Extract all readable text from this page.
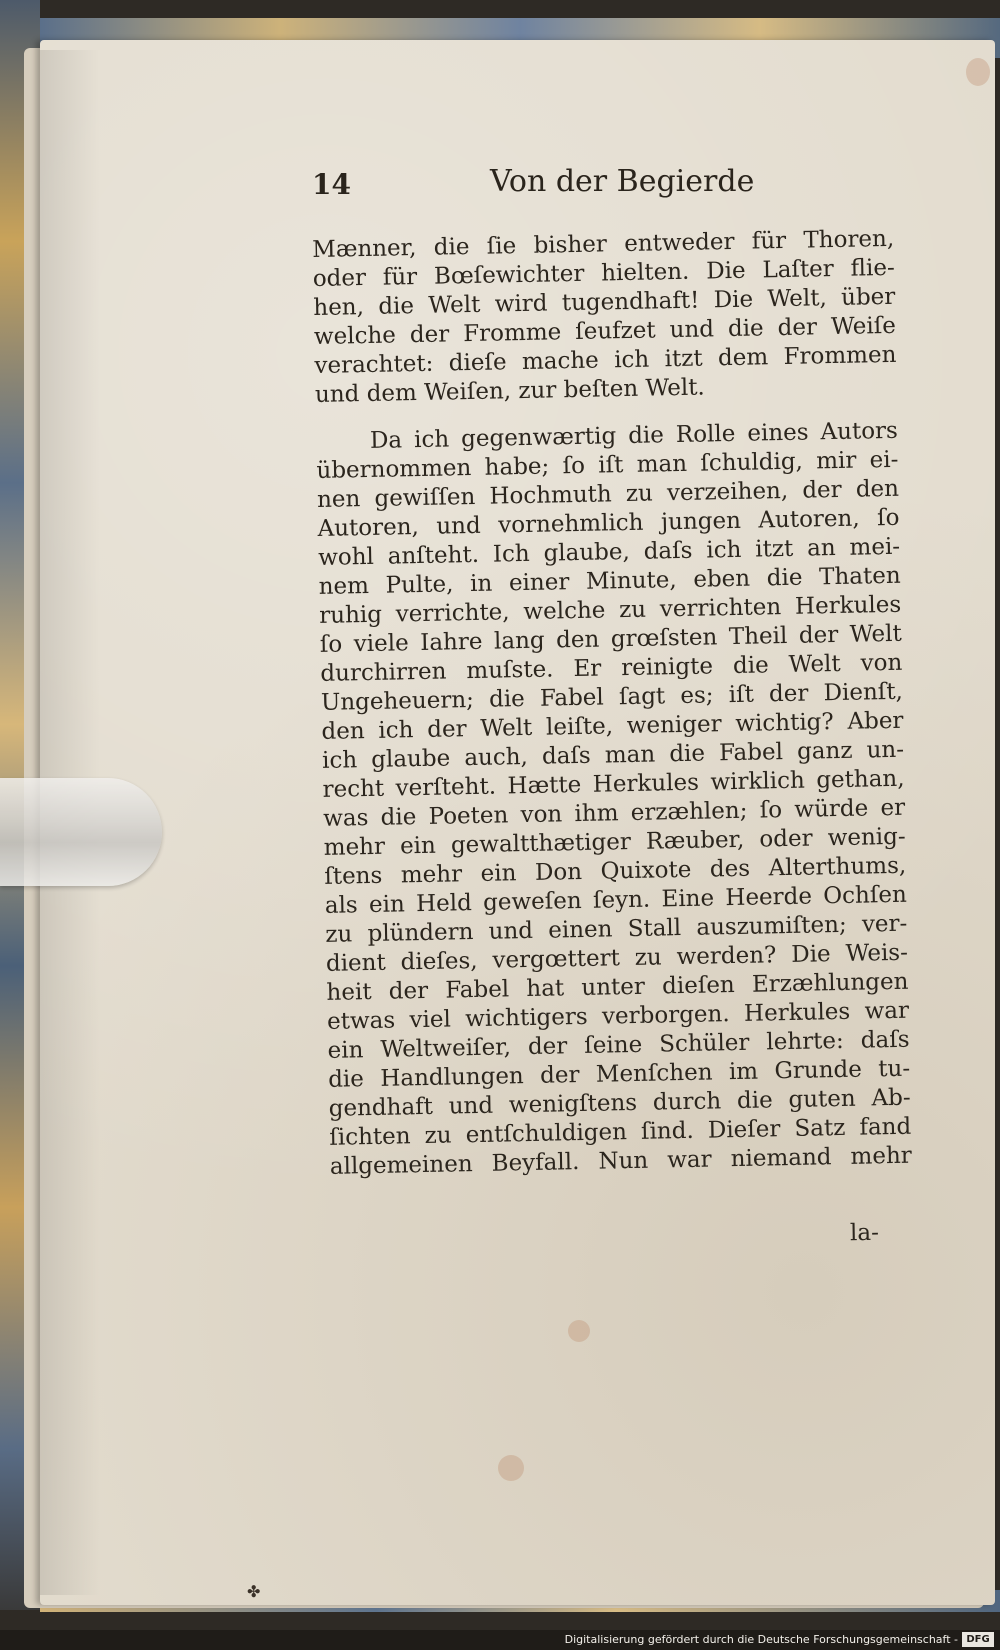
14	Von der Begierde
Mænner, die ſie bisher entweder für Thoren,
oder für Bœſewichter hielten. Die Laſter flie-
hen, die Welt wird tugendhaft! Die Welt, über
welche der Fromme ſeufzet und die der Weiſe
verachtet: dieſe mache ich itzt dem Frommen
und dem Weiſen, zur beſten Welt.
Da ich gegenwærtig die Rolle eines Autors
übernommen habe; ſo iſt man ſchuldig, mir ei-
nen gewiſſen Hochmuth zu verzeihen, der den
Autoren, und vornehmlich jungen Autoren, ſo
wohl anſteht. Ich glaube, daſs ich itzt an mei-
nem Pulte, in einer Minute, eben die Thaten
ruhig verrichte, welche zu verrichten Herkules
ſo viele Iahre lang den grœſsten Theil der Welt
durchirren muſste. Er reinigte die Welt von
Ungeheuern; die Fabel ſagt es; iſt der Dienſt,
den ich der Welt leiſte, weniger wichtig? Aber
ich glaube auch, daſs man die Fabel ganz un-
recht verſteht. Hætte Herkules wirklich gethan,
was die Poeten von ihm erzæhlen; ſo würde er
mehr ein gewaltthætiger Ræuber, oder wenig-
ſtens mehr ein Don Quixote des Alterthums,
als ein Held geweſen ſeyn. Eine Heerde Ochſen
zu plündern und einen Stall auszumiſten; ver-
dient dieſes, vergœttert zu werden? Die Weis-
heit der Fabel hat unter dieſen Erzæhlungen
etwas viel wichtigers verborgen. Herkules war
ein Weltweiſer, der ſeine Schüler lehrte: daſs
die Handlungen der Menſchen im Grunde tu-
gendhaft und wenigſtens durch die guten Ab-
ſichten zu entſchuldigen ſind. Dieſer Satz fand
allgemeinen Beyfall. Nun war niemand mehr
la-
✤
Digitalisierung gefördert durch die Deutsche Forschungsgemeinschaft - DFG
